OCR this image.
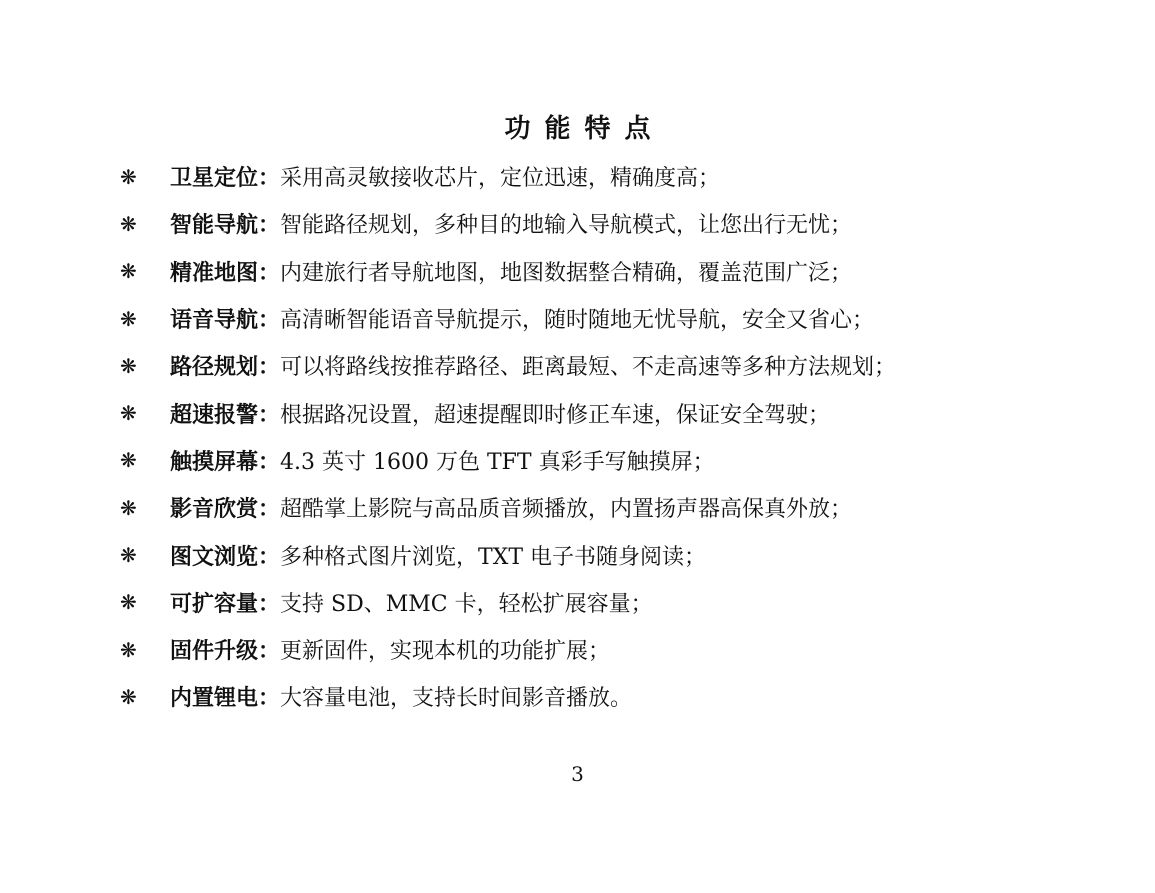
功能特点
❋	卫星定位： 采用高灵敏接收芯片，定位迅速，精确度高；
❋	智能导航： 智能路径规划，多种目的地输入导航模式，让您出行无忧；
❋	精准地图： 内建旅行者导航地图，地图数据整合精确，覆盖范围广泛；
❋	语音导航： 高清晰智能语音导航提示，随时随地无忧导航，安全又省心；
❋	路径规划： 可以将路线按推荐路径、距离最短、不走高速等多种方法规划；
❋	超速报警： 根据路况设置，超速提醒即时修正车速，保证安全驾驶；
❋	触摸屏幕： 4.3 英寸 1600 万色 TFT 真彩手写触摸屏；
❋	影音欣赏： 超酷掌上影院与高品质音频播放，内置扬声器高保真外放；
❋	图文浏览： 多种格式图片浏览，TXT 电子书随身阅读；
❋	可扩容量： 支持 SD、MMC 卡，轻松扩展容量；
❋	固件升级： 更新固件，实现本机的功能扩展；
❋	内置锂电： 大容量电池，支持长时间影音播放。
3
